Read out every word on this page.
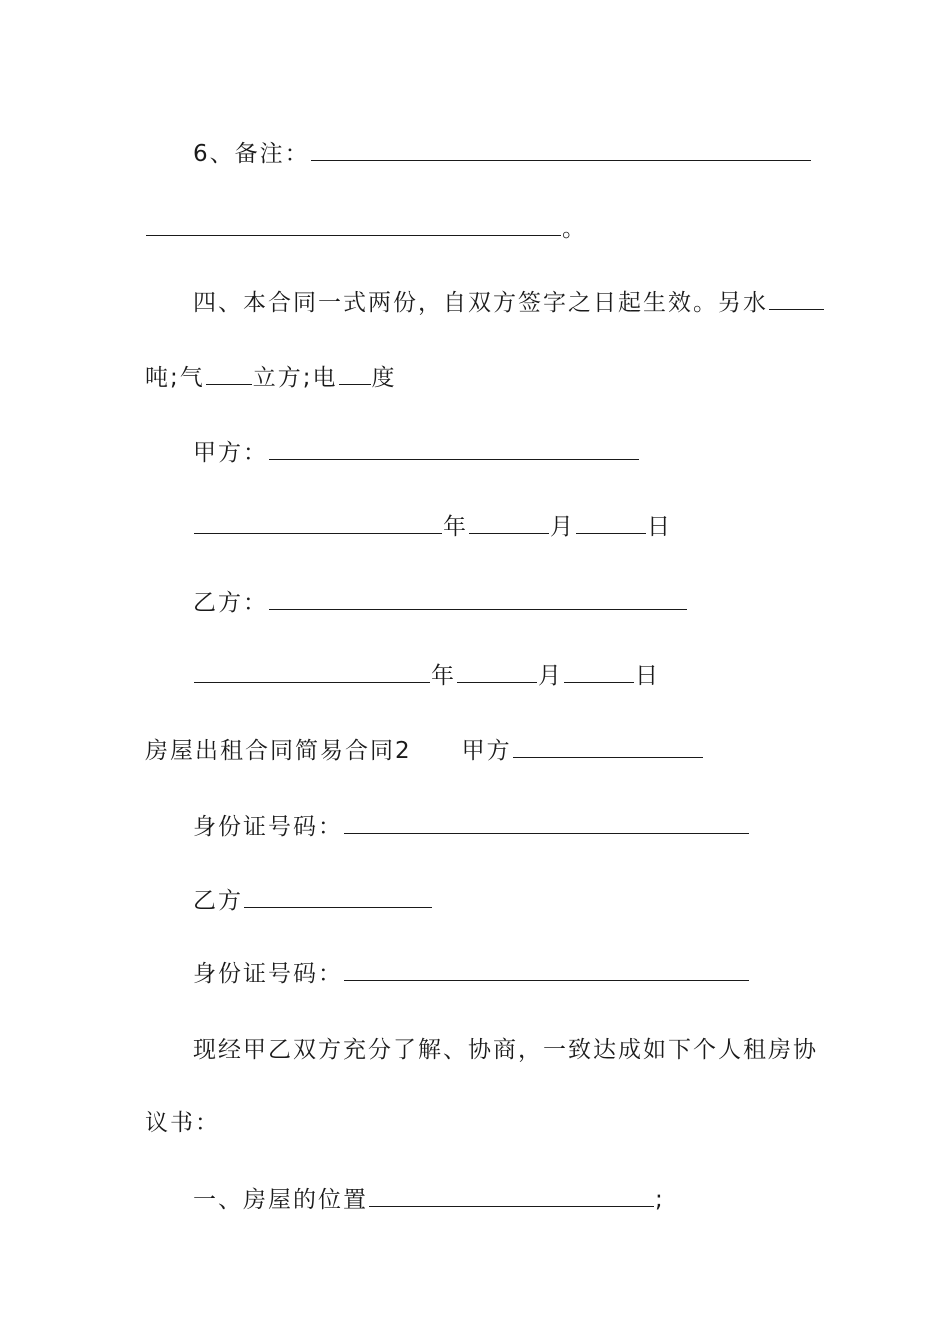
6、备注：
。
四、本合同一式两份，自双方签字之日起生效。另水
吨;气 立方;电 度
甲方：
年	月	日
乙方：
年	月	日
房屋出租合同简易合同2 甲方
身份证号码：
乙方
身份证号码：
现经甲乙双方充分了解、协商，一致达成如下个人租房协
议书：
一、房屋的位置	;
